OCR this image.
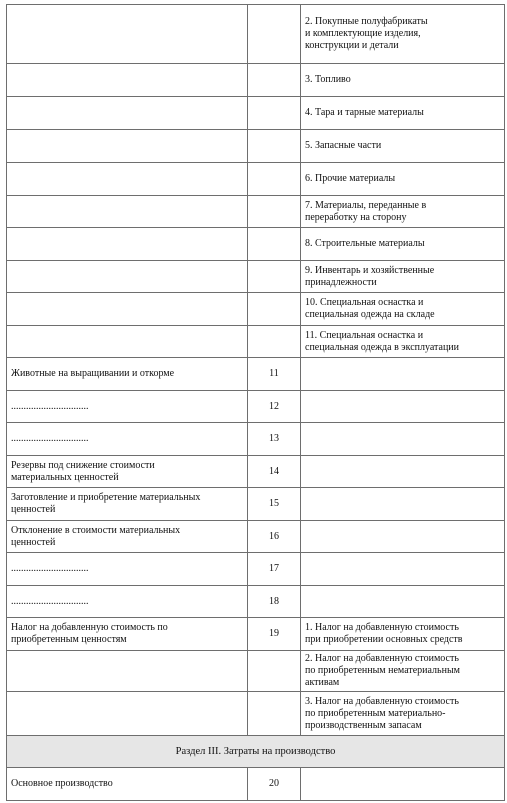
		2. Покупные полуфабрикаты
и комплектующие изделия,
конструкции и детали

		3. Топливо

		4. Тара и тарные материалы

		5. Запасные части

		6. Прочие материалы

		7. Материалы, переданные в
переработку на сторону

		8. Строительные материалы

		9. Инвентарь и хозяйственные
принадлежности

		10. Специальная оснастка и
специальная одежда на складе

		11. Специальная оснастка и
специальная одежда в эксплуатации

Животные на выращивании и откорме	11	

...............................	12	

...............................	13	

Резервы под снижение стоимости
материальных ценностей	14	

Заготовление и приобретение материальных
ценностей	15	

Отклонение в стоимости материальных
ценностей	16	

...............................	17	

...............................	18	

Налог на добавленную стоимость по
приобретенным ценностям	19	1. Налог на добавленную стоимость
при приобретении основных средств

		2. Налог на добавленную стоимость
по приобретенным нематериальным
активам

		3. Налог на добавленную стоимость
по приобретенным материально-
производственным запасам

Раздел III. Затраты на производство		

Основное производство	20	
